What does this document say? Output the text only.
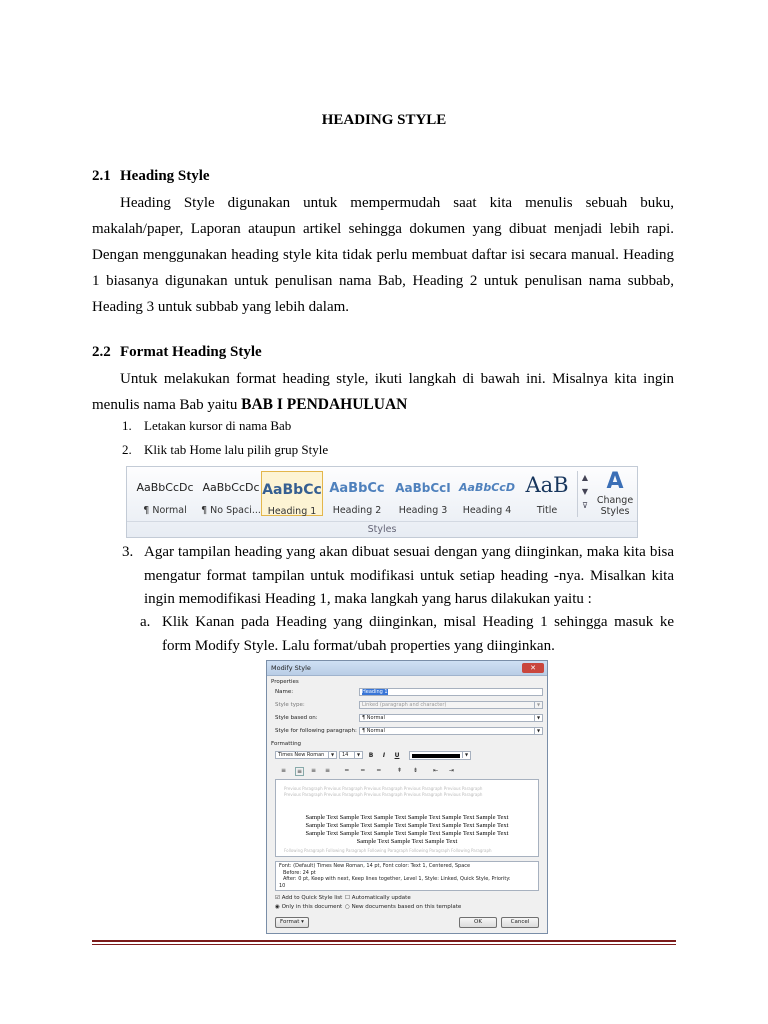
HEADING STYLE
2.1 Heading Style
Heading Style digunakan untuk mempermudah saat kita menulis sebuah buku, makalah/paper, Laporan ataupun artikel sehingga dokumen yang dibuat menjadi lebih rapi. Dengan menggunakan heading style kita tidak perlu membuat daftar isi secara manual. Heading 1 biasanya digunakan untuk penulisan nama Bab, Heading 2 untuk penulisan nama subbab, Heading 3 untuk subbab yang lebih dalam.
2.2 Format Heading Style
Untuk melakukan format heading style, ikuti langkah di bawah ini. Misalnya kita ingin menulis nama Bab yaitu BAB I PENDAHULUAN
1. Letakan kursor di nama Bab
2. Klik tab Home lalu pilih grup Style
AaBbCcDc
¶ Normal
AaBbCcDc
¶ No Spaci...
AaBbCc
Heading 1
AaBbCc
Heading 2
AaBbCcI
Heading 3
AaBbCcD
Heading 4
AaB
Title
▲
▼
⊽
A
Change Styles
Styles
3. Agar tampilan heading yang akan dibuat sesuai dengan yang diinginkan, maka kita bisa mengatur format tampilan untuk modifikasi untuk setiap heading -nya. Misalkan kita ingin memodifikasi Heading 1, maka langkah yang harus dilakukan yaitu :
a. Klik Kanan pada Heading yang diinginkan, misal Heading 1 sehingga masuk ke form Modify Style. Lalu format/ubah properties yang diinginkan.
Modify Style	✕
Properties
Name:	Heading 1
Style type:	Linked (paragraph and character)	▼
Style based on:	¶ Normal	▼
Style for following paragraph:	¶ Normal	▼
Formatting
Times New Roman	▼	14	▼	B	I	U	▼
≡	≡	≡ ≡ ═ ═ ═	⇞ ⇟ ⇤ ⇥
Previous Paragraph Previous Paragraph Previous Paragraph Previous Paragraph Previous Paragraph
Previous Paragraph Previous Paragraph Previous Paragraph Previous Paragraph Previous Paragraph
Sample Text Sample Text Sample Text Sample Text Sample Text Sample Text
Sample Text Sample Text Sample Text Sample Text Sample Text Sample Text
Sample Text Sample Text Sample Text Sample Text Sample Text Sample Text
Sample Text Sample Text Sample Text
Following Paragraph Following Paragraph Following Paragraph Following Paragraph Following Paragraph
Font: (Default) Times New Roman, 14 pt, Font color: Text 1, Centered, Space
Before: 24 pt
After: 0 pt, Keep with next, Keep lines together, Level 1, Style: Linked, Quick Style, Priority:
10
☑ Add to Quick Style list ☐ Automatically update
◉ Only in this document ○ New documents based on this template
Format ▾	OK	Cancel
